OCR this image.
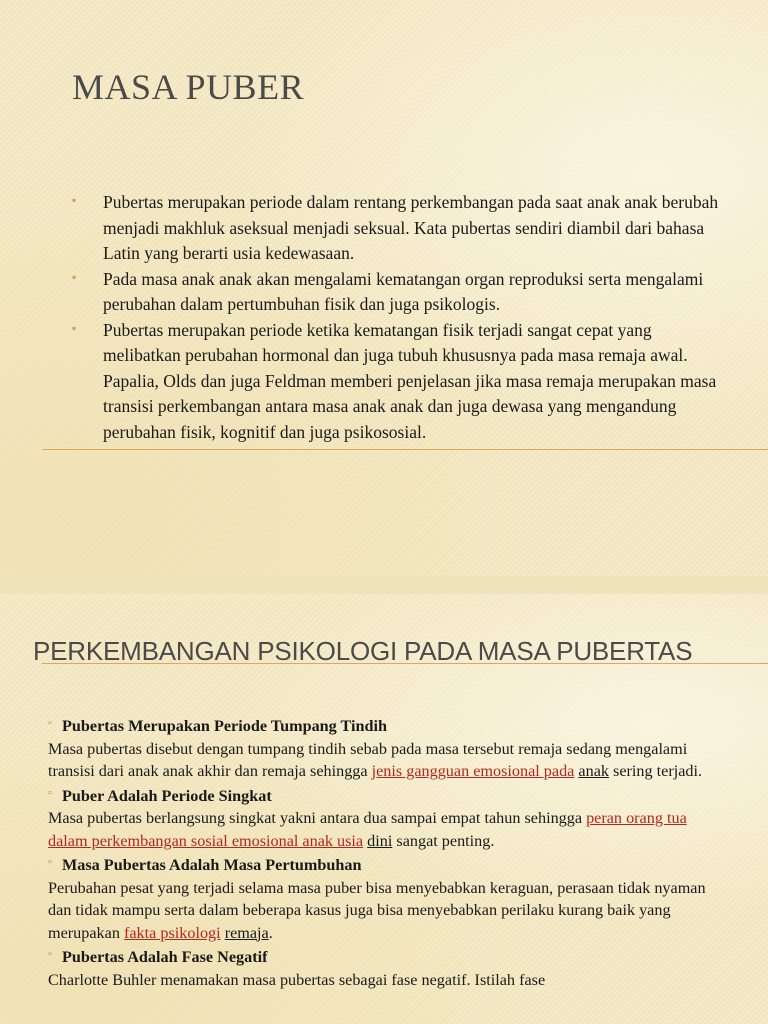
MASA PUBER
▪ Pubertas merupakan periode dalam rentang perkembangan pada saat anak anak berubah menjadi makhluk aseksual menjadi seksual. Kata pubertas sendiri diambil dari bahasa Latin yang berarti usia kedewasaan.
▪ Pada masa anak anak akan mengalami kematangan organ reproduksi serta mengalami perubahan dalam pertumbuhan fisik dan juga psikologis.
▪ Pubertas merupakan periode ketika kematangan fisik terjadi sangat cepat yang melibatkan perubahan hormonal dan juga tubuh khususnya pada masa remaja awal. Papalia, Olds dan juga Feldman memberi penjelasan jika masa remaja merupakan masa transisi perkembangan antara masa anak anak dan juga dewasa yang mengandung perubahan fisik, kognitif dan juga psikososial.
PERKEMBANGAN PSIKOLOGI PADA MASA PUBERTAS
▫ Pubertas Merupakan Periode Tumpang Tindih

Masa pubertas disebut dengan tumpang tindih sebab pada masa tersebut remaja sedang mengalami transisi dari anak anak akhir dan remaja sehingga jenis gangguan emosional pada anak sering terjadi.

▫ Puber Adalah Periode Singkat

Masa pubertas berlangsung singkat yakni antara dua sampai empat tahun sehingga peran orang tua dalam perkembangan sosial emosional anak usia dini sangat penting.

▫ Masa Pubertas Adalah Masa Pertumbuhan

Perubahan pesat yang terjadi selama masa puber bisa menyebabkan keraguan, perasaan tidak nyaman dan tidak mampu serta dalam beberapa kasus juga bisa menyebabkan perilaku kurang baik yang merupakan fakta psikologi remaja.

▫ Pubertas Adalah Fase Negatif

Charlotte Buhler menamakan masa pubertas sebagai fase negatif. Istilah fase
